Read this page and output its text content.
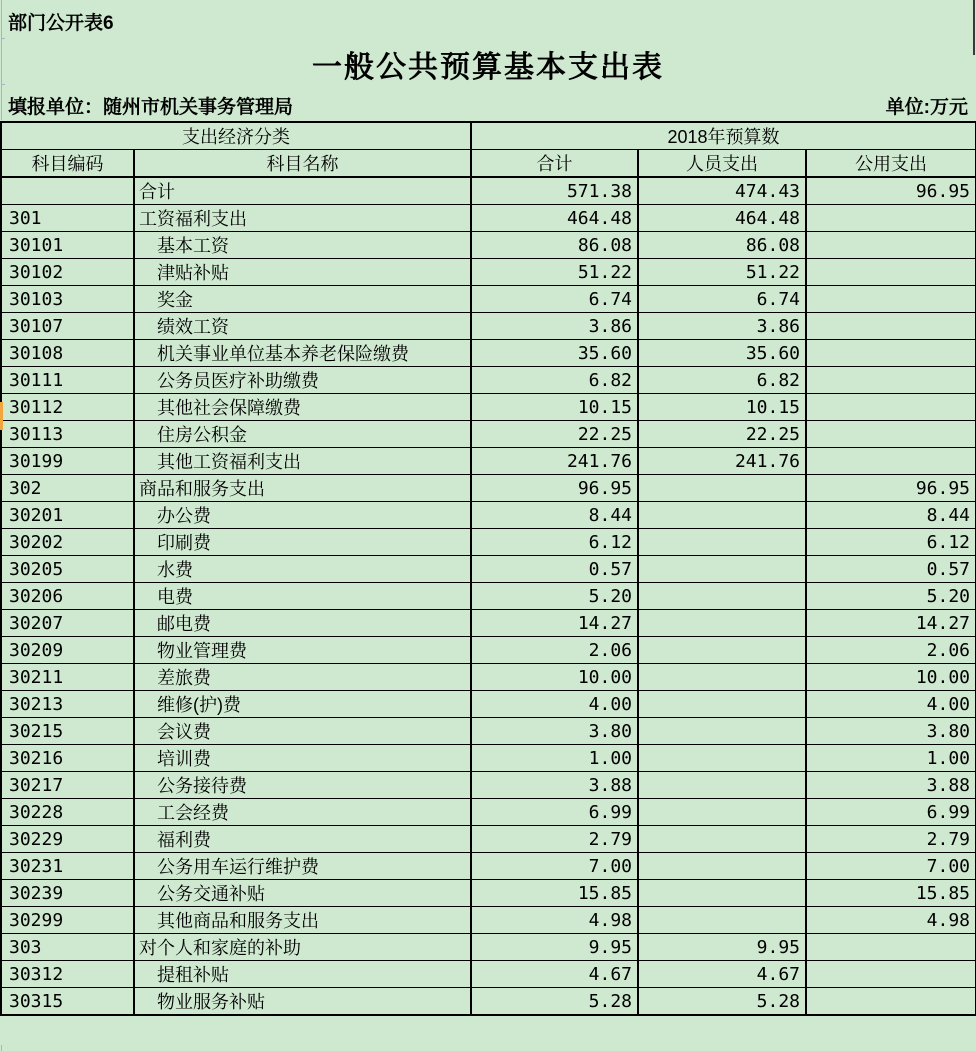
部门公开表6
一般公共预算基本支出表
填报单位：随州市机关事务管理局	单位:万元
支出经济分类		2018年预算数		
科目编码	科目名称	合计	人员支出	公用支出
	合计	571.38	474.43	96.95
301	工资福利支出	464.48	464.48	
30101	基本工资	86.08	86.08	
30102	津贴补贴	51.22	51.22	
30103	奖金	6.74	6.74	
30107	绩效工资	3.86	3.86	
30108	机关事业单位基本养老保险缴费	35.60	35.60	
30111	公务员医疗补助缴费	6.82	6.82	
30112	其他社会保障缴费	10.15	10.15	
30113	住房公积金	22.25	22.25	
30199	其他工资福利支出	241.76	241.76	
302	商品和服务支出	96.95		96.95
30201	办公费	8.44		8.44
30202	印刷费	6.12		6.12
30205	水费	0.57		0.57
30206	电费	5.20		5.20
30207	邮电费	14.27		14.27
30209	物业管理费	2.06		2.06
30211	差旅费	10.00		10.00
30213	维修(护)费	4.00		4.00
30215	会议费	3.80		3.80
30216	培训费	1.00		1.00
30217	公务接待费	3.88		3.88
30228	工会经费	6.99		6.99
30229	福利费	2.79		2.79
30231	公务用车运行维护费	7.00		7.00
30239	公务交通补贴	15.85		15.85
30299	其他商品和服务支出	4.98		4.98
303	对个人和家庭的补助	9.95	9.95	
30312	提租补贴	4.67	4.67	
30315	物业服务补贴	5.28	5.28	
